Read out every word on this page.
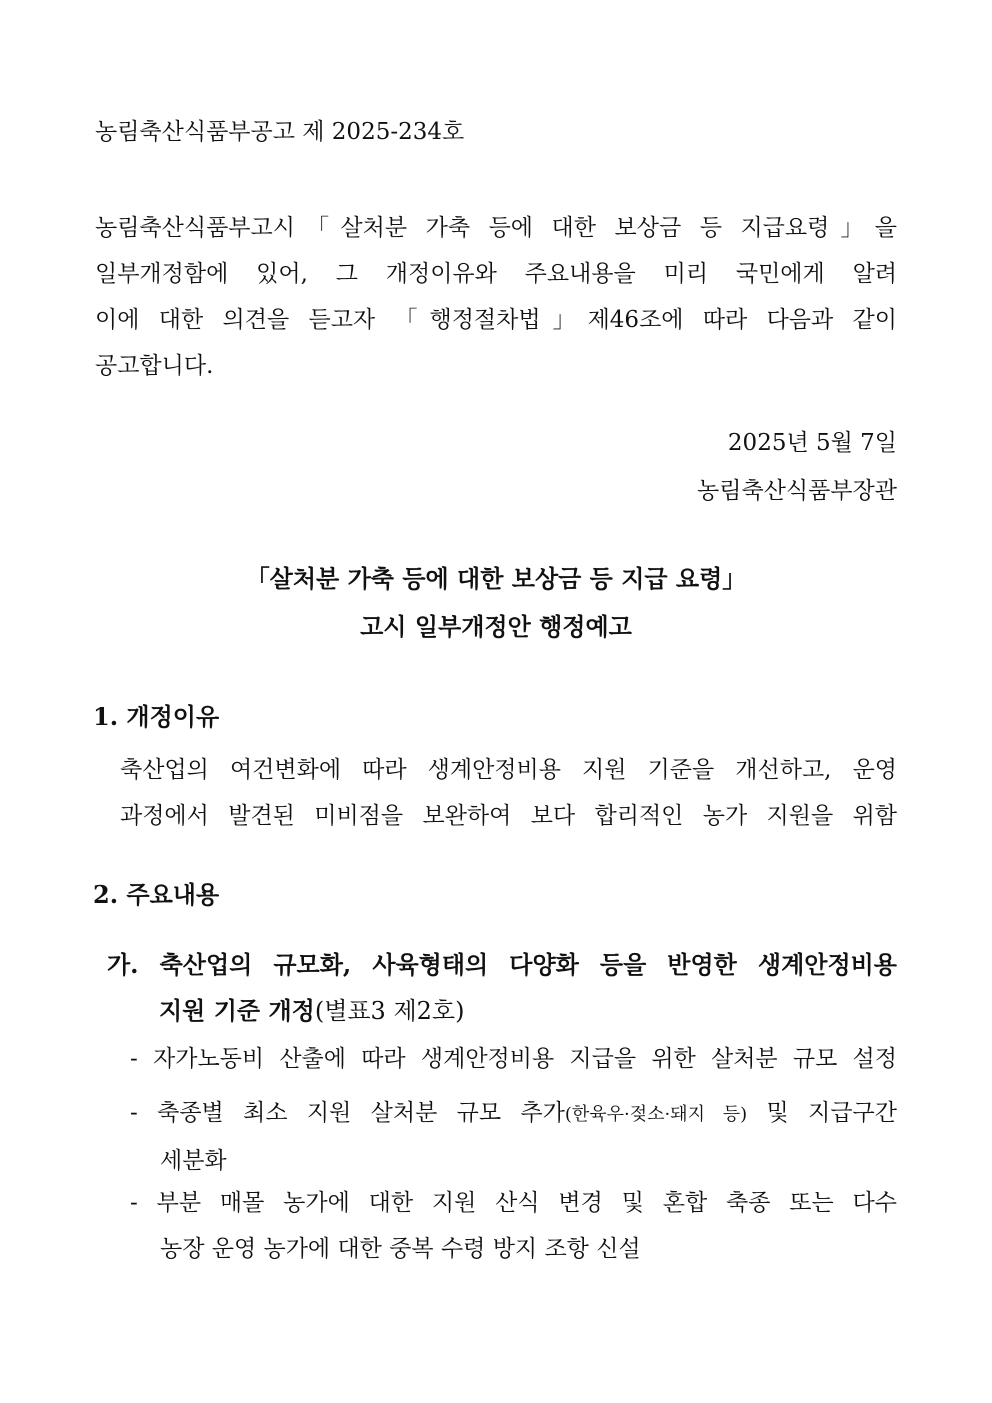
농림축산식품부공고 제 2025-234호

농림축산식품부고시「살처분 가축 등에 대한 보상금 등 지급요령」을

일부개정함에 있어, 그 개정이유와 주요내용을 미리 국민에게 알려

이에 대한 의견을 듣고자 「행정절차법」제46조에 따라 다음과 같이

공고합니다.

2025년 5월 7일
농림축산식품부장관
「살처분 가축 등에 대한 보상금 등 지급 요령」
고시 일부개정안 행정예고
1. 개정이유

축산업의 여건변화에 따라 생계안정비용 지원 기준을 개선하고, 운영

과정에서 발견된 미비점을 보완하여 보다 합리적인 농가 지원을 위함

2. 주요내용

가. 축산업의 규모화, 사육형태의 다양화 등을 반영한 생계안정비용

지원 기준 개정(별표3 제2호)

- 자가노동비 산출에 따라 생계안정비용 지급을 위한 살처분 규모 설정

- 축종별 최소 지원 살처분 규모 추가(한육우·젖소·돼지 등) 및 지급구간

세분화

- 부분 매몰 농가에 대한 지원 산식 변경 및 혼합 축종 또는 다수

농장 운영 농가에 대한 중복 수령 방지 조항 신설
